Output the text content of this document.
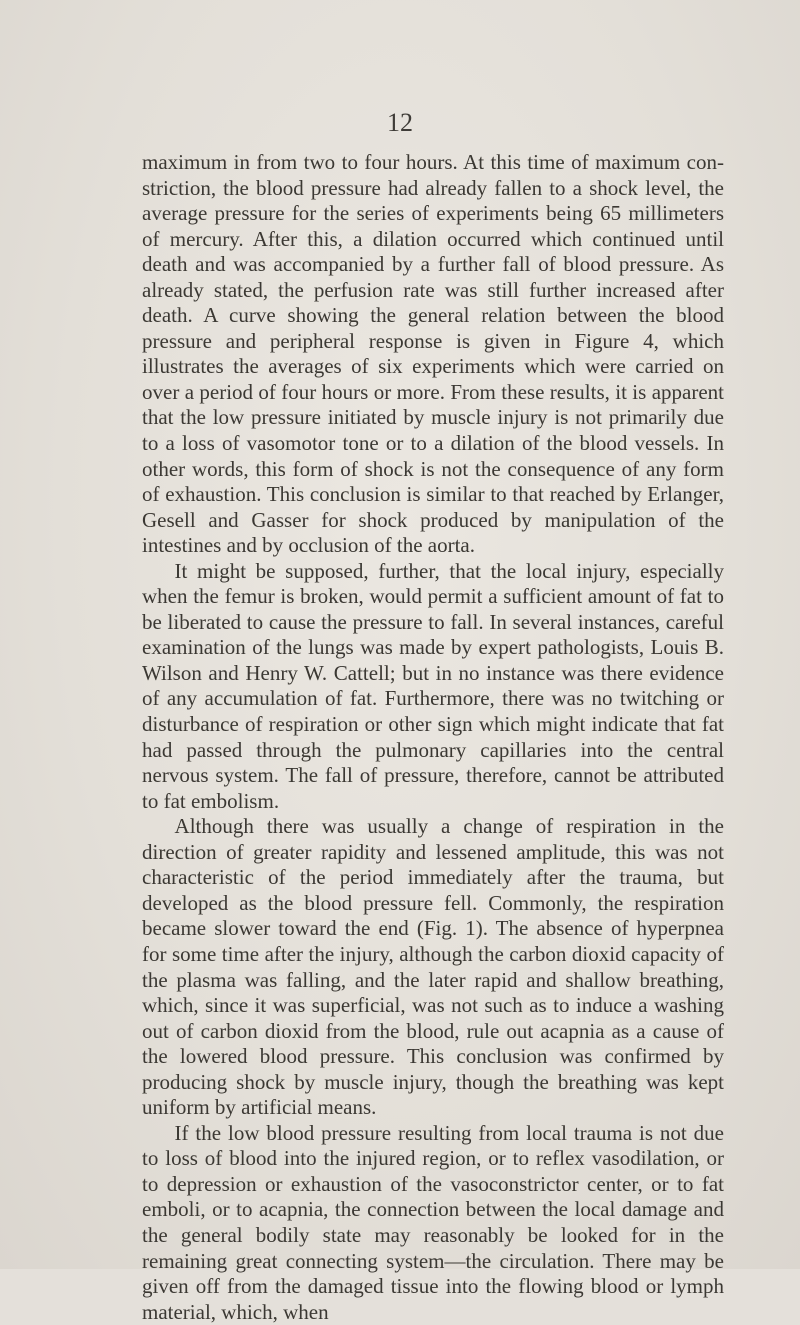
12

maximum in from two to four hours. At this time of maximum constriction, the blood pressure had already fallen to a shock level, the average pressure for the series of experiments being 65 millimeters of mercury. After this, a dilation occurred which continued until death and was accompanied by a further fall of blood pressure. As already stated, the perfusion rate was still further increased after death. A curve showing the general relation between the blood pressure and peripheral response is given in Figure 4, which illustrates the averages of six experiments which were carried on over a period of four hours or more. From these results, it is apparent that the low pressure initiated by muscle injury is not primarily due to a loss of vasomotor tone or to a dilation of the blood vessels. In other words, this form of shock is not the consequence of any form of exhaustion. This conclusion is similar to that reached by Erlanger, Gesell and Gasser for shock produced by manipulation of the intestines and by occlusion of the aorta.

It might be supposed, further, that the local injury, especially when the femur is broken, would permit a sufficient amount of fat to be liberated to cause the pressure to fall. In several instances, careful examination of the lungs was made by expert pathologists, Louis B. Wilson and Henry W. Cattell; but in no instance was there evidence of any accumulation of fat. Furthermore, there was no twitching or disturbance of respiration or other sign which might indicate that fat had passed through the pulmonary capillaries into the central nervous system. The fall of pressure, therefore, cannot be attributed to fat embolism.

Although there was usually a change of respiration in the direction of greater rapidity and lessened amplitude, this was not characteristic of the period immediately after the trauma, but developed as the blood pressure fell. Commonly, the respiration became slower toward the end (Fig. 1). The absence of hyperpnea for some time after the injury, although the carbon dioxid capacity of the plasma was falling, and the later rapid and shallow breathing, which, since it was superficial, was not such as to induce a washing out of carbon dioxid from the blood, rule out acapnia as a cause of the lowered blood pressure. This conclusion was confirmed by producing shock by muscle injury, though the breathing was kept uniform by artificial means.

If the low blood pressure resulting from local trauma is not due to loss of blood into the injured region, or to reflex vasodilation, or to depression or exhaustion of the vasoconstrictor center, or to fat emboli, or to acapnia, the connection between the local damage and the general bodily state may reasonably be looked for in the remaining great connecting system—the circulation. There may be given off from the damaged tissue into the flowing blood or lymph material, which, when
